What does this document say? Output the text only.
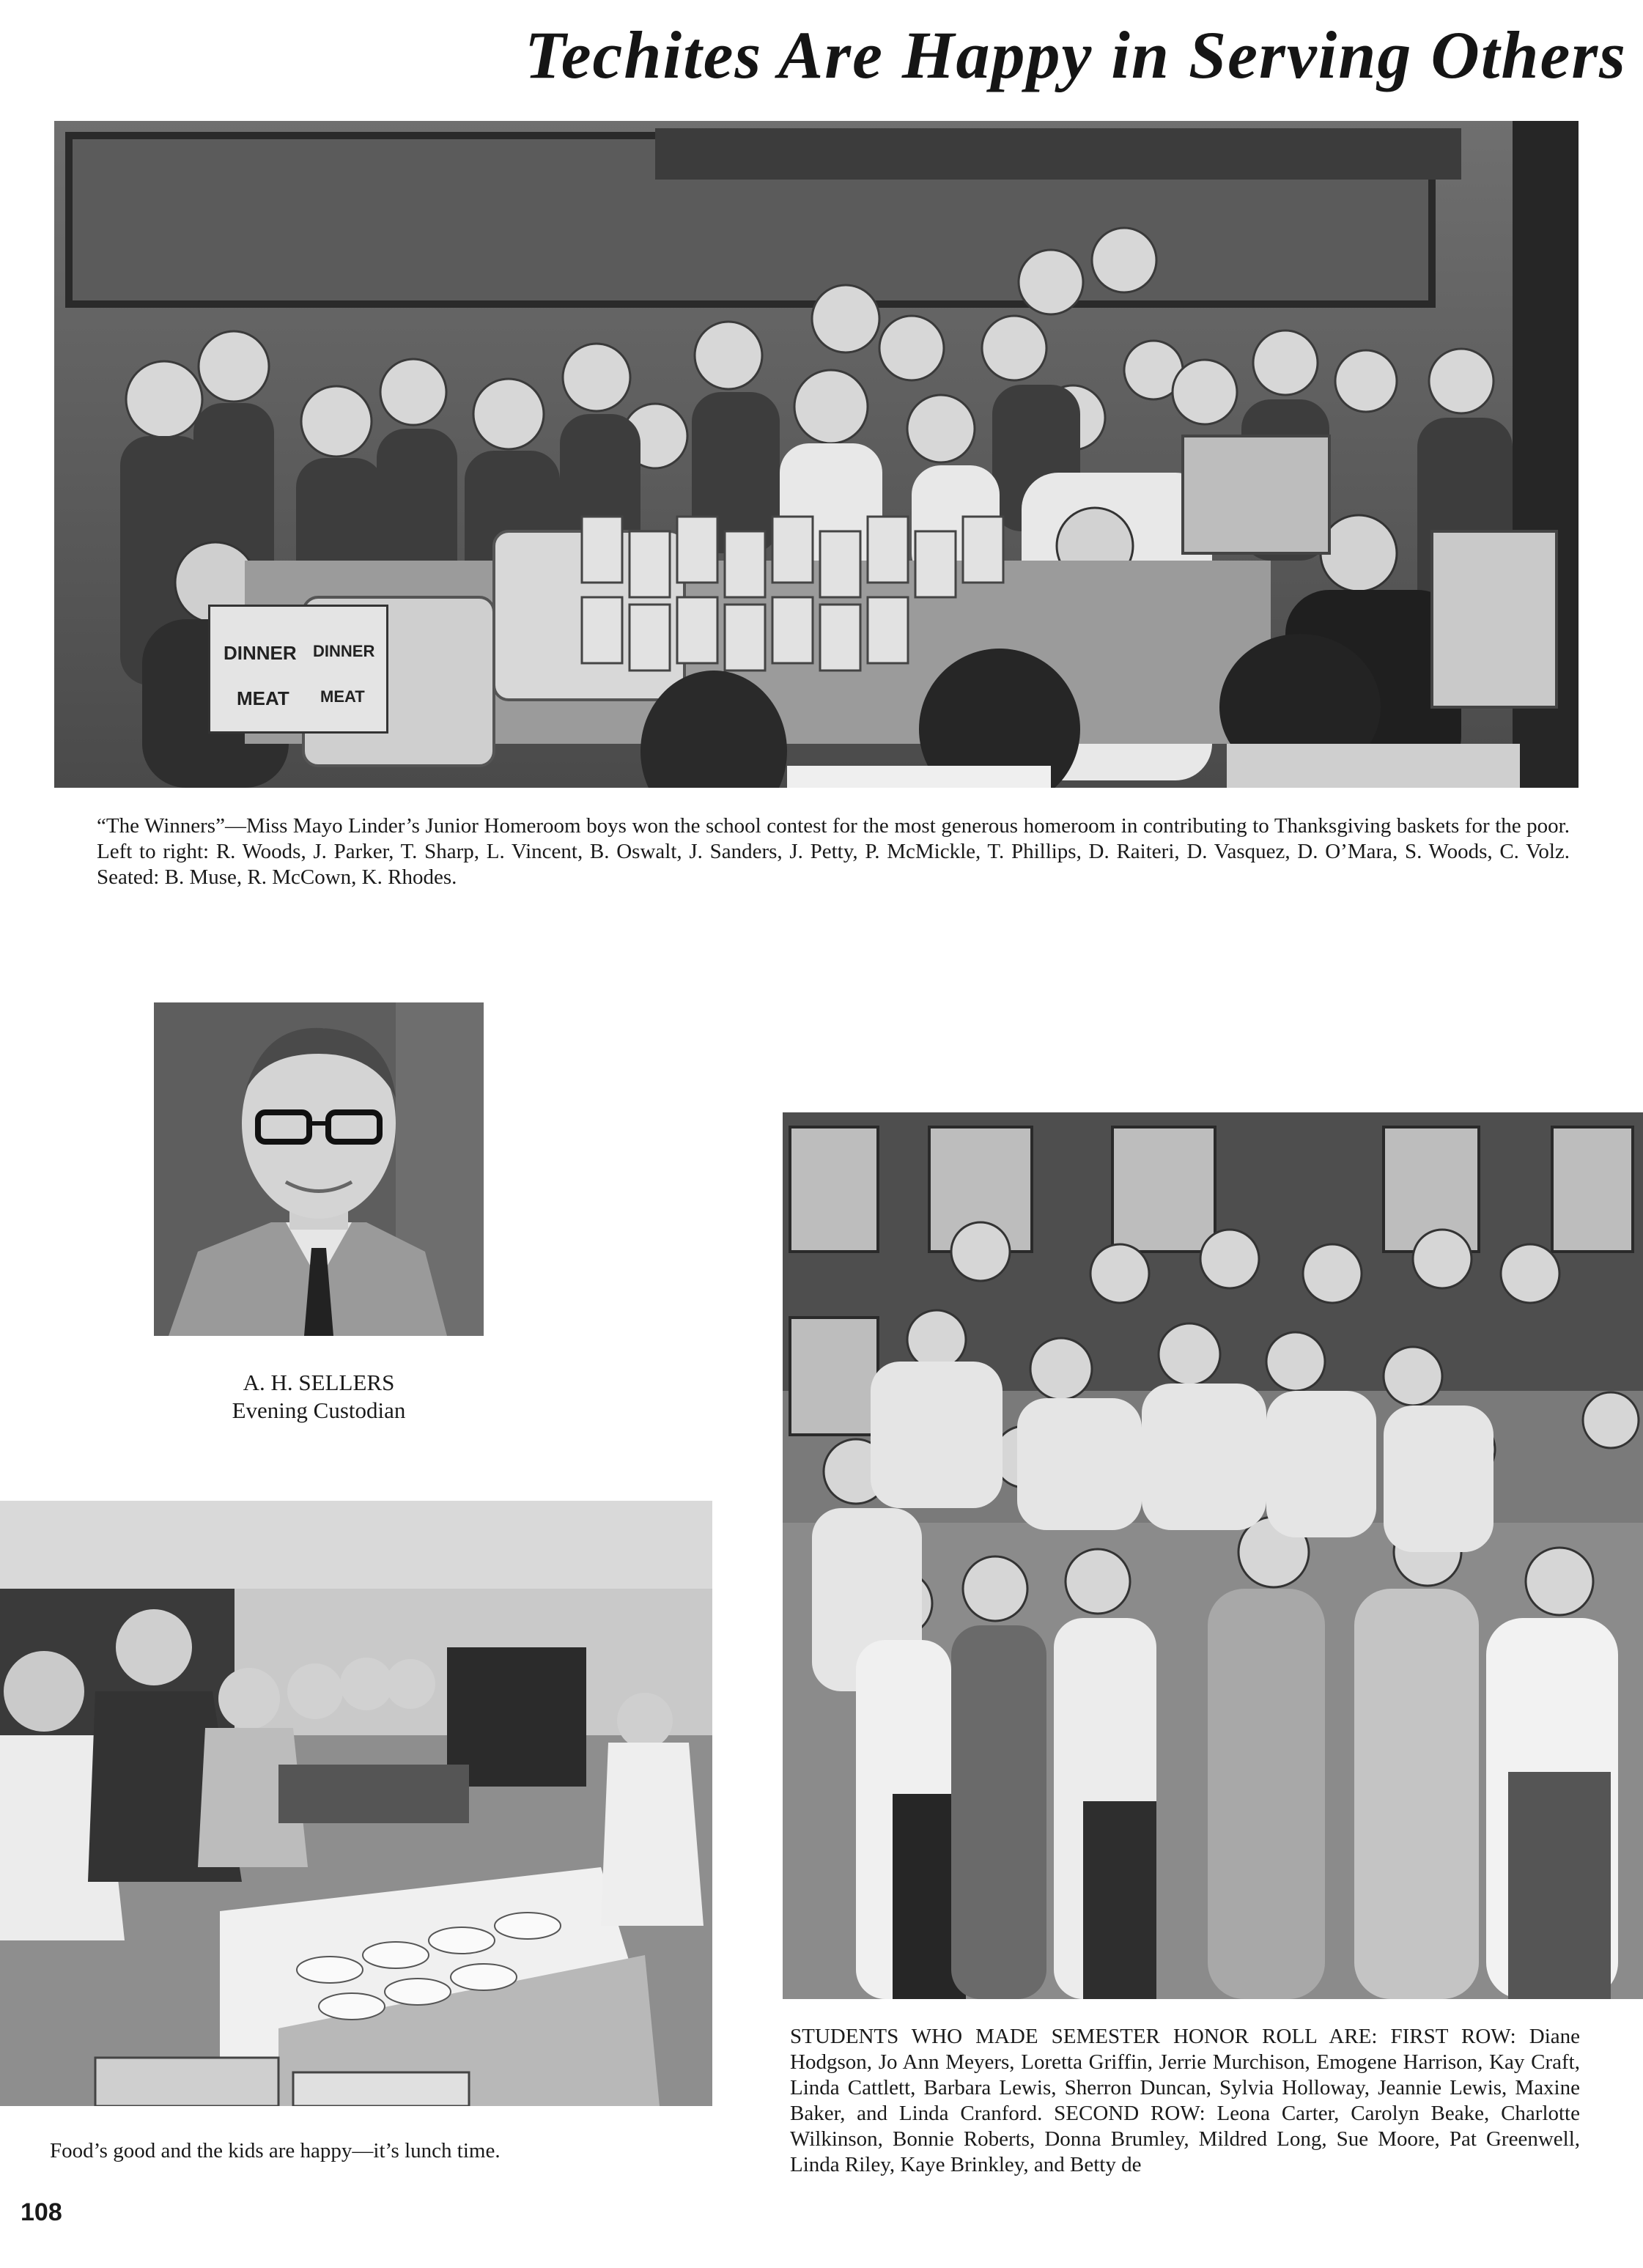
Techites Are Happy in Serving Others
DINNER
MEAT
DINNER
MEAT
“The Winners”—Miss Mayo Linder’s Junior Homeroom boys won the school contest for the most generous homeroom in contributing to Thanksgiving baskets for the poor. Left to right: R. Woods, J. Parker, T. Sharp, L. Vincent, B. Oswalt, J. Sanders, J. Petty, P. McMickle, T. Phillips, D. Raiteri, D. Vasquez, D. O’Mara, S. Woods, C. Volz. Seated: B. Muse, R. McCown, K. Rhodes.
A. H. SELLERS
Evening Custodian
Food’s good and the kids are happy—it’s lunch time.
STUDENTS WHO MADE SEMESTER HONOR ROLL ARE: FIRST ROW: Diane Hodgson, Jo Ann Meyers, Loretta Griffin, Jerrie Murchison, Emogene Harrison, Kay Craft, Linda Cattlett, Barbara Lewis, Sherron Duncan, Sylvia Holloway, Jeannie Lewis, Maxine Baker, and Linda Cranford. SECOND ROW: Leona Carter, Carolyn Beake, Charlotte Wilkinson, Bonnie Roberts, Donna Brumley, Mildred Long, Sue Moore, Pat Greenwell, Linda Riley, Kaye Brinkley, and Betty de
108
